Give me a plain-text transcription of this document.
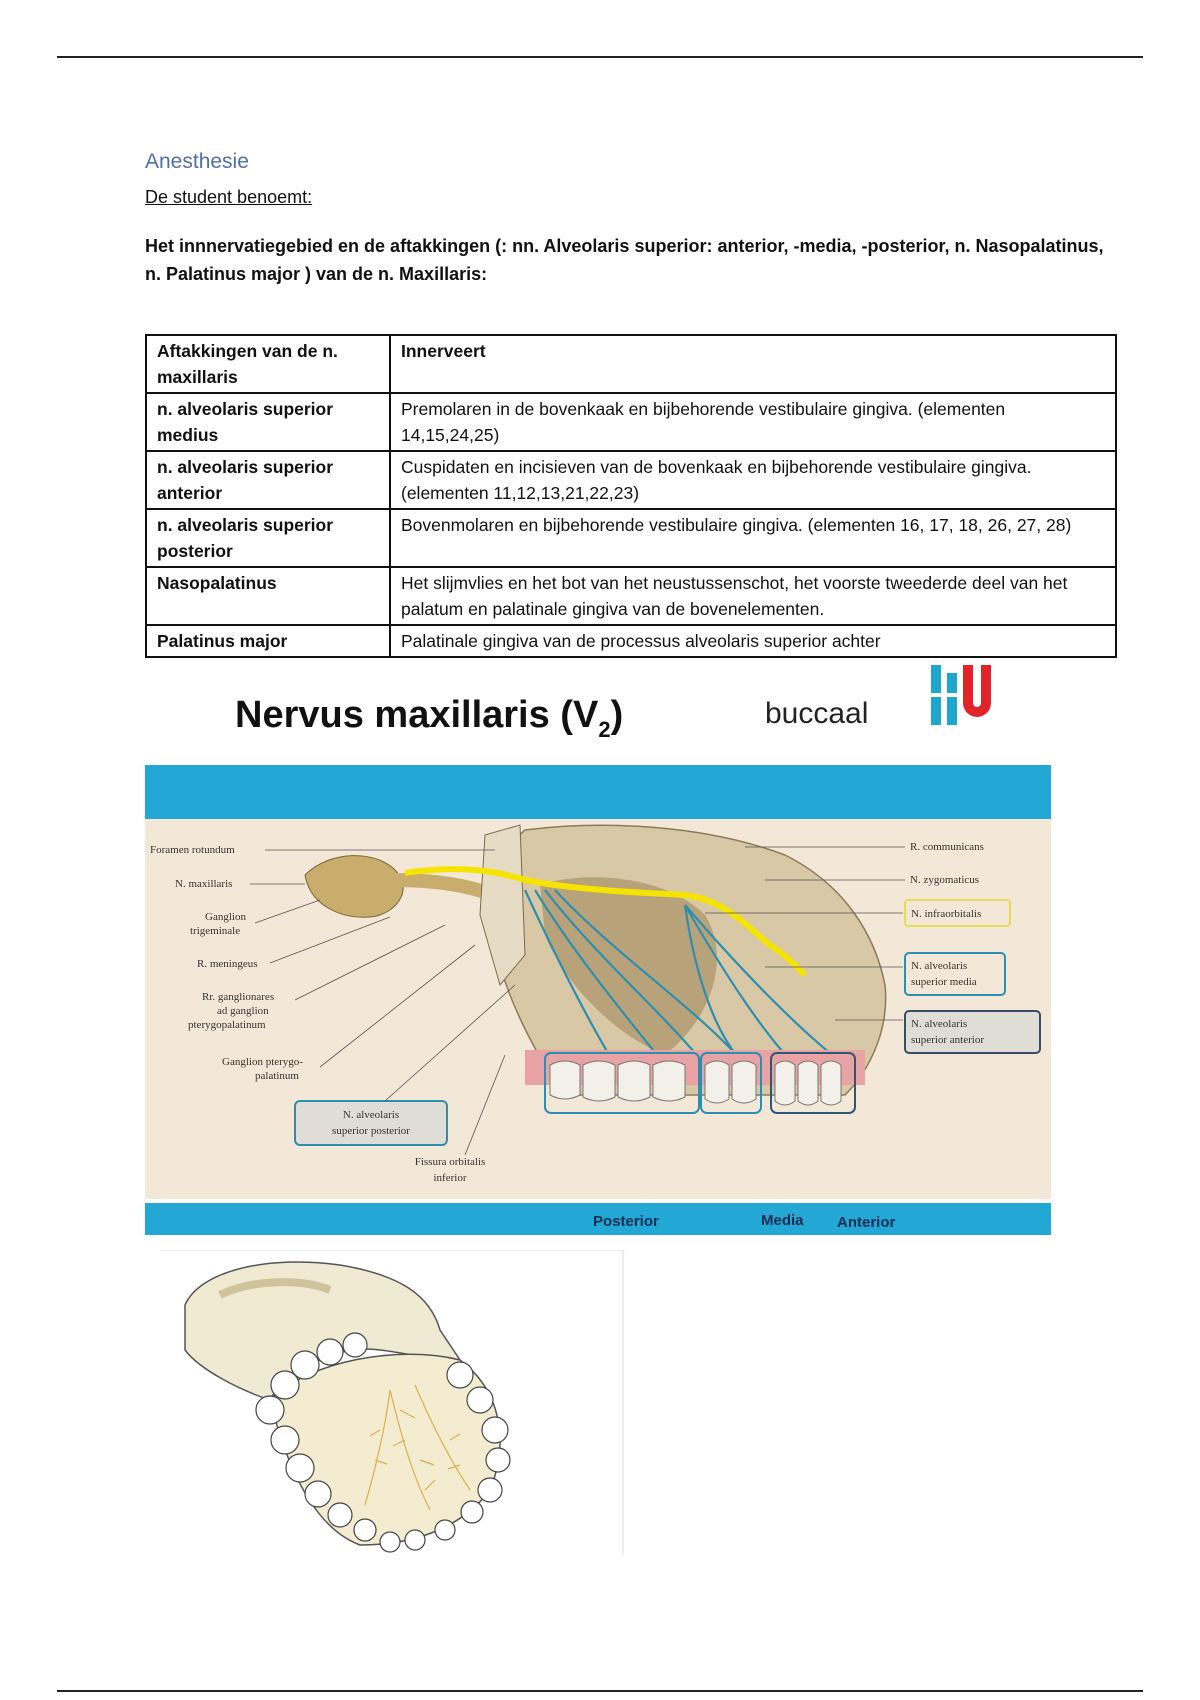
Anesthesie
De student benoemt:
Het innnervatiegebied en de aftakkingen (: nn. Alveolaris superior: anterior, -media, -posterior, n. Nasopalatinus, n. Palatinus major ) van de n. Maxillaris:
Aftakkingen van de n. maxillaris	Innerveert
n. alveolaris superior medius	Premolaren in de bovenkaak en bijbehorende vestibulaire gingiva. (elementen 14,15,24,25)
n. alveolaris superior anterior	Cuspidaten en incisieven van de bovenkaak en bijbehorende vestibulaire gingiva. (elementen 11,12,13,21,22,23)
n. alveolaris superior posterior	Bovenmolaren en bijbehorende vestibulaire gingiva. (elementen 16, 17, 18, 26, 27, 28)
Nasopalatinus	Het slijmvlies en het bot van het neustussenschot, het voorste tweederde deel van het palatum en palatinale gingiva van de bovenelementen.
Palatinus major	Palatinale gingiva van de processus alveolaris superior achter
Nervus maxillaris $(V_2)$	buccaal
Foramen rotundum
N. maxillaris
Ganglion
trigeminale
R. meningeus
Rr. ganglionares
ad ganglion
pterygopalatinum
Ganglion pterygo-
palatinum
N. alveolaris
superior posterior
Fissura orbitalis
inferior
R. communicans
N. zygomaticus
N. infraorbitalis
N. alveolaris
superior media
N. alveolaris
superior anterior
Posterior	Media Anterior
